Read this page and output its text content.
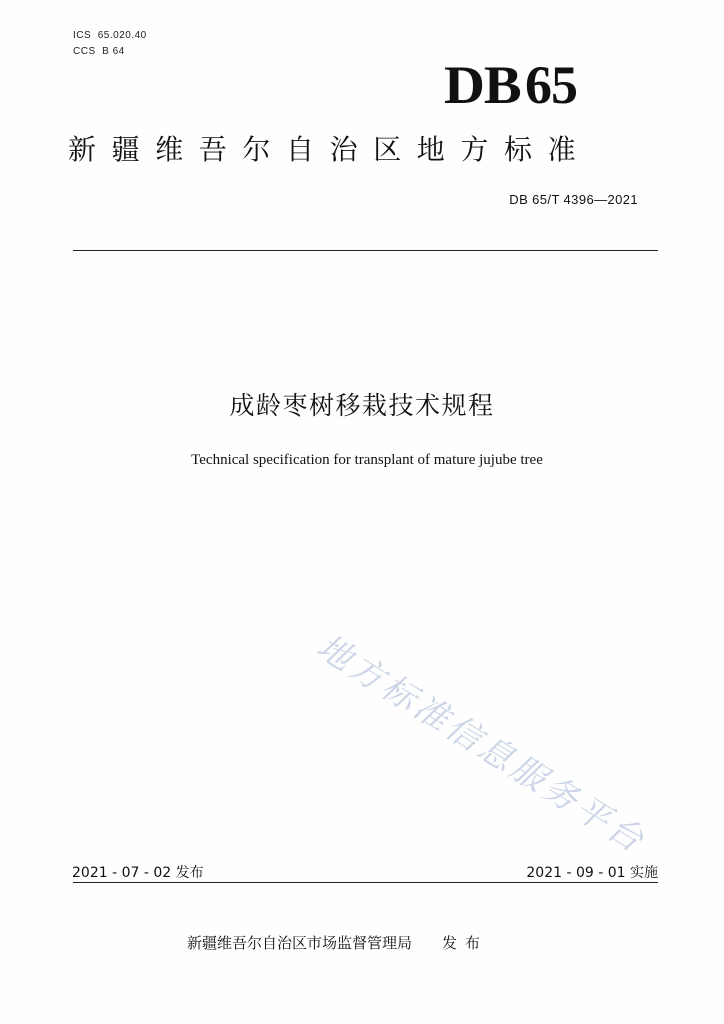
ICS  65.020.40
CCS  B 64
DB65
新疆维吾尔自治区地方标准
DB 65/T 4396—2021
成龄枣树移栽技术规程
Technical specification for transplant of mature jujube tree
地方标准信息服务平台
2021 - 07 - 02 发布	2021 - 09 - 01 实施
新疆维吾尔自治区市场监督管理局 发布
